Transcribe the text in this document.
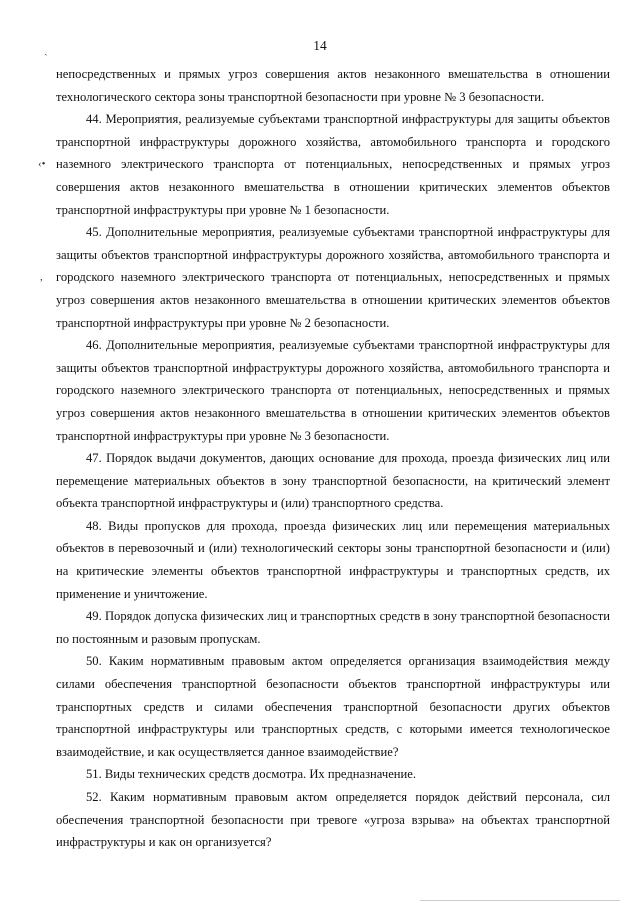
14
ˎ
‹•
,

непосредственных и прямых угроз совершения актов незаконного вмешательства в отношении технологического сектора зоны транспортной безопасности при уровне № 3 безопасности.

44. Мероприятия, реализуемые субъектами транспортной инфраструктуры для защиты объектов транспортной инфраструктуры дорожного хозяйства, автомобильного транспорта и городского наземного электрического транспорта от потенциальных, непосредственных и прямых угроз совершения актов незаконного вмешательства в отношении критических элементов объектов транспортной инфраструктуры при уровне № 1 безопасности.

45. Дополнительные мероприятия, реализуемые субъектами транспортной инфраструктуры для защиты объектов транспортной инфраструктуры дорожного хозяйства, автомобильного транспорта и городского наземного электрического транспорта от потенциальных, непосредственных и прямых угроз совершения актов незаконного вмешательства в отношении критических элементов объектов транспортной инфраструктуры при уровне № 2 безопасности.

46. Дополнительные мероприятия, реализуемые субъектами транспортной инфраструктуры для защиты объектов транспортной инфраструктуры дорожного хозяйства, автомобильного транспорта и городского наземного электрического транспорта от потенциальных, непосредственных и прямых угроз совершения актов незаконного вмешательства в отношении критических элементов объектов транспортной инфраструктуры при уровне № 3 безопасности.

47. Порядок выдачи документов, дающих основание для прохода, проезда физических лиц или перемещение материальных объектов в зону транспортной безопасности, на критический элемент объекта транспортной инфраструктуры и (или) транспортного средства.

48. Виды пропусков для прохода, проезда физических лиц или перемещения материальных объектов в перевозочный и (или) технологический секторы зоны транспортной безопасности и (или) на критические элементы объектов транспортной инфраструктуры и транспортных средств, их применение и уничтожение.

49. Порядок допуска физических лиц и транспортных средств в зону транспортной безопасности по постоянным и разовым пропускам.

50. Каким нормативным правовым актом определяется организация взаимодействия между силами обеспечения транспортной безопасности объектов транспортной инфраструктуры или транспортных средств и силами обеспечения транспортной безопасности других объектов транспортной инфраструктуры или транспортных средств, с которыми имеется технологическое взаимодействие, и как осуществляется данное взаимодействие?

51. Виды технических средств досмотра. Их предназначение.

52. Каким нормативным правовым актом определяется порядок действий персонала, сил обеспечения транспортной безопасности при тревоге «угроза взрыва» на объектах транспортной инфраструктуры и как он организуется?
